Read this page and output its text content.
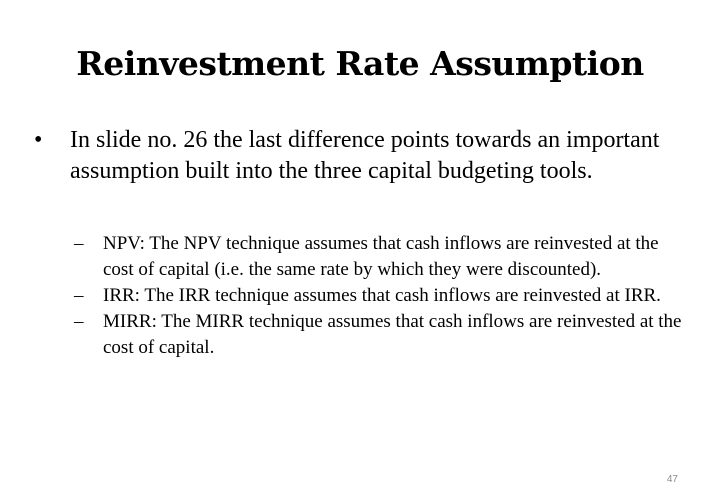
Reinvestment Rate Assumption
•	In slide no. 26 the last difference points towards an important assumption built into the three capital budgeting tools.
– NPV: The NPV technique assumes that cash inflows are reinvested at the cost of capital (i.e. the same rate by which they were discounted).
– IRR: The IRR technique assumes that cash inflows are reinvested at IRR.
– MIRR: The MIRR technique assumes that cash inflows are reinvested at the cost of capital.
47
